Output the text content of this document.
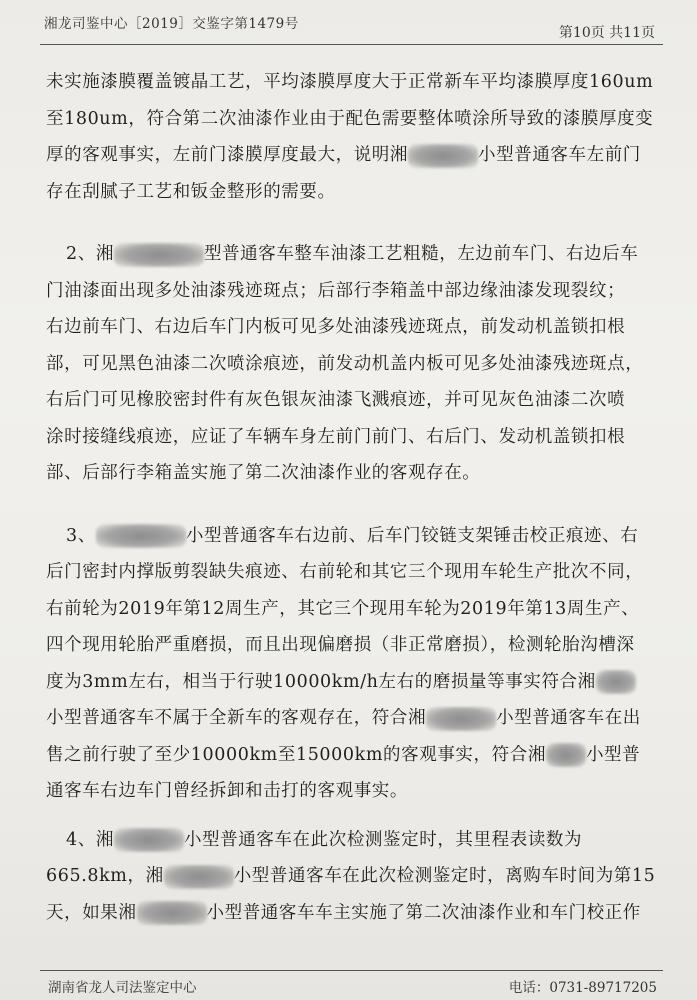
湘龙司鉴中心［2019］交鉴字第1479号
第10页 共11页
未实施漆膜覆盖镀晶工艺，平均漆膜厚度大于正常新车平均漆膜厚度160um
至180um，符合第二次油漆作业由于配色需要整体喷涂所导致的漆膜厚度变
厚的客观事实，左前门漆膜厚度最大，说明湘	小型普通客车左前门
存在刮腻子工艺和钣金整形的需要。
2、湘	型普通客车整车油漆工艺粗糙，左边前车门、右边后车
门油漆面出现多处油漆残迹斑点；后部行李箱盖中部边缘油漆发现裂纹；
右边前车门、右边后车门内板可见多处油漆残迹斑点，前发动机盖锁扣根
部，可见黑色油漆二次喷涂痕迹，前发动机盖内板可见多处油漆残迹斑点，
右后门可见橡胶密封件有灰色银灰油漆飞溅痕迹，并可见灰色油漆二次喷
涂时接缝线痕迹，应证了车辆车身左前门前门、右后门、发动机盖锁扣根
部、后部行李箱盖实施了第二次油漆作业的客观存在。
3、	小型普通客车右边前、后车门铰链支架锤击校正痕迹、右
后门密封内撑版剪裂缺失痕迹、右前轮和其它三个现用车轮生产批次不同，
右前轮为2019年第12周生产，其它三个现用车轮为2019年第13周生产、
四个现用轮胎严重磨损，而且出现偏磨损（非正常磨损），检测轮胎沟槽深
度为3mm左右，相当于行驶10000km/h左右的磨损量等事实符合湘
小型普通客车不属于全新车的客观存在，符合湘	小型普通客车在出
售之前行驶了至少10000km至15000km的客观事实，符合湘 小型普
通客车右边车门曾经拆卸和击打的客观事实。
4、湘	小型普通客车在此次检测鉴定时，其里程表读数为
665.8km，湘	小型普通客车在此次检测鉴定时，离购车时间为第15
天，如果湘	小型普通客车车主实施了第二次油漆作业和车门校正作
湖南省龙人司法鉴定中心	电话：0731-89717205
